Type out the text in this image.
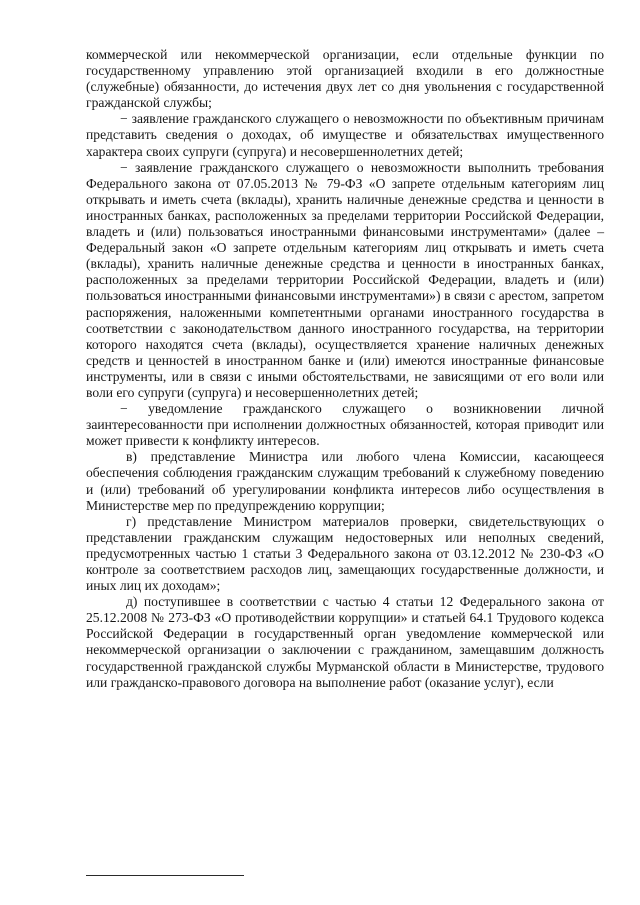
коммерческой или некоммерческой организации, если отдельные функции по государственному управлению этой организацией входили в его должностные (служебные) обязанности, до истечения двух лет со дня увольнения с государственной гражданской службы;

− заявление гражданского служащего о невозможности по объективным причинам представить сведения о доходах, об имуществе и обязательствах имущественного характера своих супруги (супруга) и несовершеннолетних детей;

− заявление гражданского служащего о невозможности выполнить требования Федерального закона от 07.05.2013 № 79-ФЗ «О запрете отдельным категориям лиц открывать и иметь счета (вклады), хранить наличные денежные средства и ценности в иностранных банках, расположенных за пределами территории Российской Федерации, владеть и (или) пользоваться иностранными финансовыми инструментами» (далее – Федеральный закон «О запрете отдельным категориям лиц открывать и иметь счета (вклады), хранить наличные денежные средства и ценности в иностранных банках, расположенных за пределами территории Российской Федерации, владеть и (или) пользоваться иностранными финансовыми инструментами») в связи с арестом, запретом распоряжения, наложенными компетентными органами иностранного государства в соответствии с законодательством данного иностранного государства, на территории которого находятся счета (вклады), осуществляется хранение наличных денежных средств и ценностей в иностранном банке и (или) имеются иностранные финансовые инструменты, или в связи с иными обстоятельствами, не зависящими от его воли или воли его супруги (супруга) и несовершеннолетних детей;

− уведомление гражданского служащего о возникновении личной заинтересованности при исполнении должностных обязанностей, которая приводит или может привести к конфликту интересов.

в) представление Министра или любого члена Комиссии, касающееся обеспечения соблюдения гражданским служащим требований к служебному поведению и (или) требований об урегулировании конфликта интересов либо осуществления в Министерстве мер по предупреждению коррупции;

г) представление Министром материалов проверки, свидетельствующих о представлении гражданским служащим недостоверных или неполных сведений, предусмотренных частью 1 статьи 3 Федерального закона от 03.12.2012 № 230-ФЗ «О контроле за соответствием расходов лиц, замещающих государственные должности, и иных лиц их доходам»;

д) поступившее в соответствии с частью 4 статьи 12 Федерального закона от 25.12.2008 № 273-ФЗ «О противодействии коррупции» и статьей 64.1 Трудового кодекса Российской Федерации в государственный орган уведомление коммерческой или некоммерческой организации о заключении с гражданином, замещавшим должность государственной гражданской службы Мурманской области в Министерстве, трудового или гражданско-правового договора на выполнение работ (оказание услуг), если
